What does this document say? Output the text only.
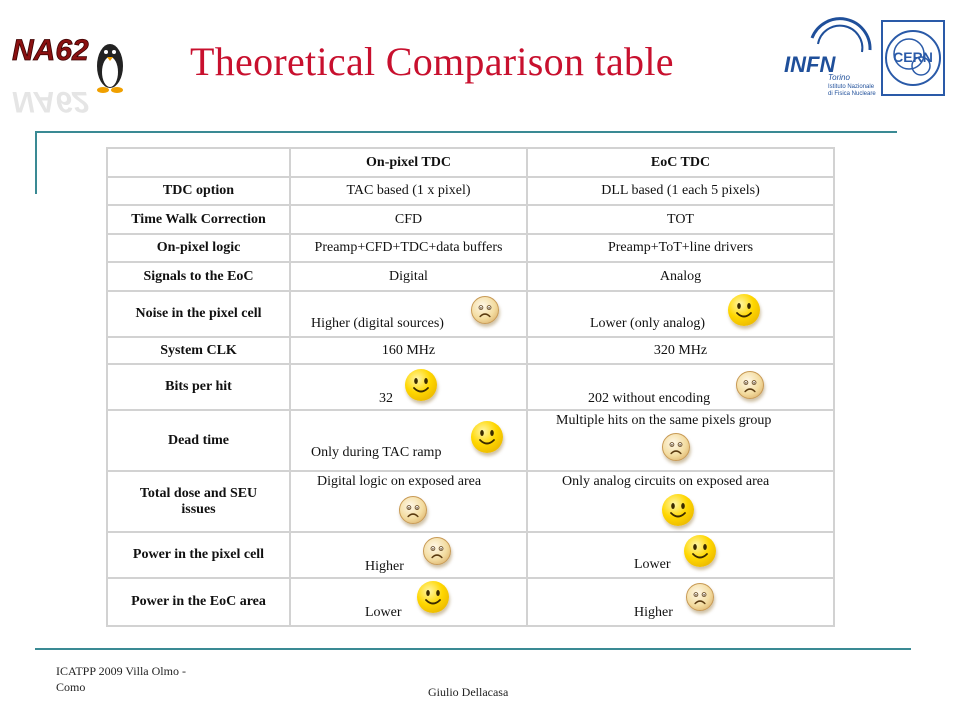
NA62
NA62
Theoretical Comparison table	INFN
Torino
Istituto Nazionale
di Fisica Nucleare
CERN
	On-pixel TDC	EoC TDC
TDC option	TAC based (1 x pixel)	DLL based (1 each 5 pixels)
Time Walk Correction	CFD	TOT
On-pixel logic	Preamp+CFD+TDC+data buffers	Preamp+ToT+line drivers
Signals to the EoC	Digital	Analog
Noise in the pixel cell	Higher (digital sources)	Lower (only analog)

System CLK	160 MHz	320 MHz
Bits per hit	32	202 without encoding

Dead time	Only during TAC ramp	Multiple hits on the same pixels group

Total dose and SEU
issues	Digital logic on exposed area	Only analog circuits on exposed area

Power in the pixel cell	Higher	Lower

Power in the EoC area	Lower	Higher
ICATPP 2009 Villa Olmo -
Como	Giulio Dellacasa
